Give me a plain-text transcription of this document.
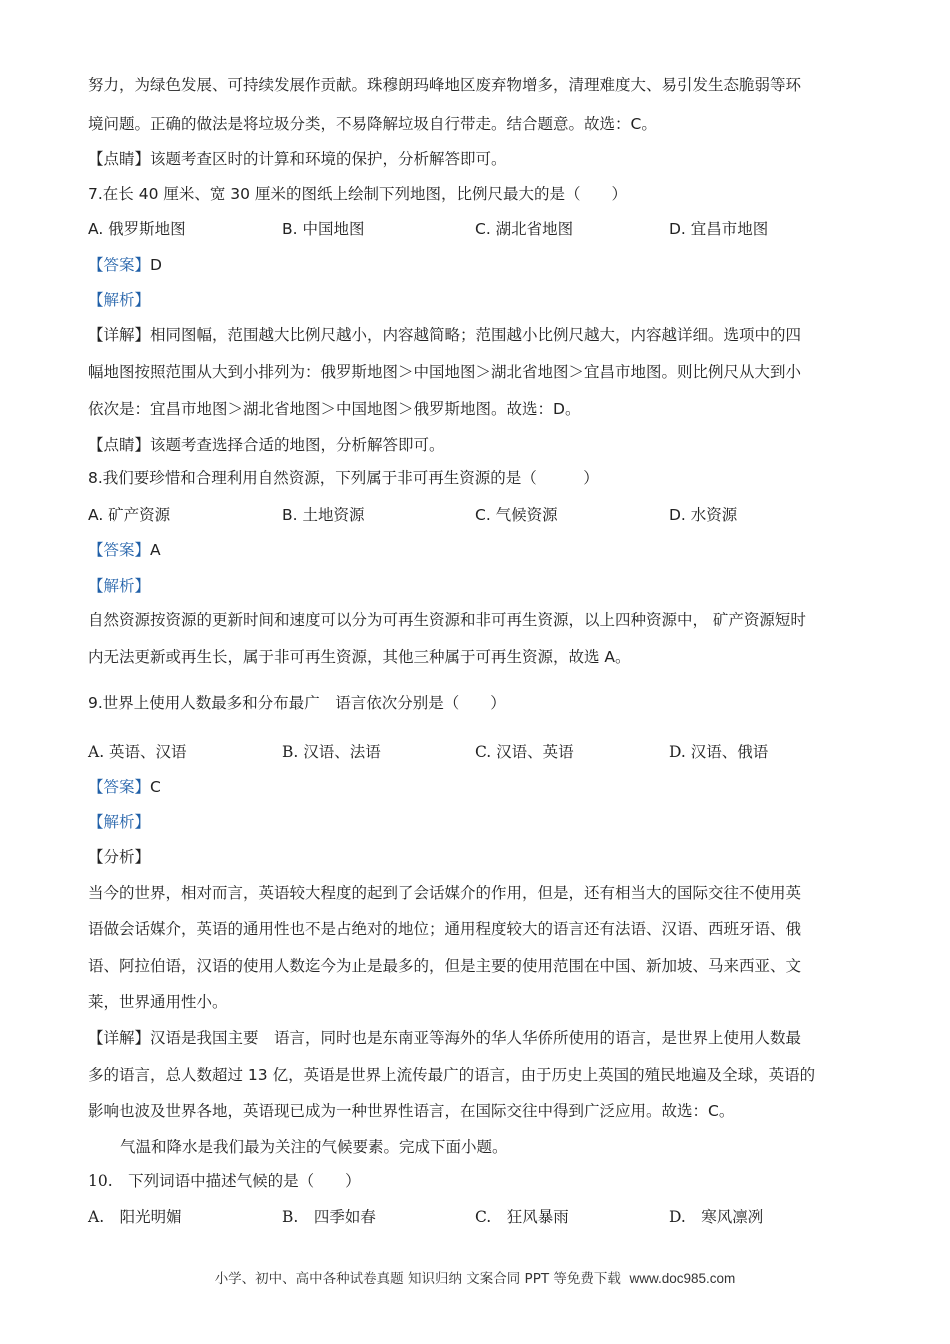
努力，为绿色发展、可持续发展作贡献。珠穆朗玛峰地区废弃物增多，清理难度大、易引发生态脆弱等环
境问题。正确的做法是将垃圾分类，不易降解垃圾自行带走。结合题意。故选：C。
【点睛】该题考查区时的计算和环境的保护，分析解答即可。
7.在长 40 厘米、宽 30 厘米的图纸上绘制下列地图，比例尺最大的是（　　）
A. 俄罗斯地图	B. 中国地图	C. 湖北省地图	D. 宜昌市地图
【答案】D
【解析】
【详解】相同图幅，范围越大比例尺越小，内容越简略；范围越小比例尺越大，内容越详细。选项中的四
幅地图按照范围从大到小排列为：俄罗斯地图＞中国地图＞湖北省地图＞宜昌市地图。则比例尺从大到小
依次是：宜昌市地图＞湖北省地图＞中国地图＞俄罗斯地图。故选：D。
【点睛】该题考查选择合适的地图，分析解答即可。
8.我们要珍惜和合理利用自然资源，下列属于非可再生资源的是（　　　）
A. 矿产资源	B. 土地资源	C. 气候资源	D. 水资源
【答案】A
【解析】
自然资源按资源的更新时间和速度可以分为可再生资源和非可再生资源，以上四种资源中， 矿产资源短时
内无法更新或再生长，属于非可再生资源，其他三种属于可再生资源，故选 A。
9.世界上使用人数最多和分布最广　语言依次分别是（　　）
A. 英语、汉语	B. 汉语、法语	C. 汉语、英语	D. 汉语、俄语
【答案】C
【解析】
【分析】
当今的世界，相对而言，英语较大程度的起到了会话媒介的作用，但是，还有相当大的国际交往不使用英
语做会话媒介，英语的通用性也不是占绝对的地位；通用程度较大的语言还有法语、汉语、西班牙语、俄
语、阿拉伯语，汉语的使用人数迄今为止是最多的，但是主要的使用范围在中国、新加坡、马来西亚、文
莱，世界通用性小。
【详解】汉语是我国主要　语言，同时也是东南亚等海外的华人华侨所使用的语言，是世界上使用人数最
多的语言，总人数超过 13 亿，英语是世界上流传最广的语言，由于历史上英国的殖民地遍及全球，英语的
影响也波及世界各地，英语现已成为一种世界性语言，在国际交往中得到广泛应用。故选：C。
气温和降水是我们最为关注的气候要素。完成下面小题。
10.　下列词语中描述气候的是（　　）
A.　阳光明媚	B.　四季如春	C.　狂风暴雨	D.　寒风凛冽
小学、初中、高中各种试卷真题 知识归纳 文案合同 PPT 等免费下载 www.doc985.com
